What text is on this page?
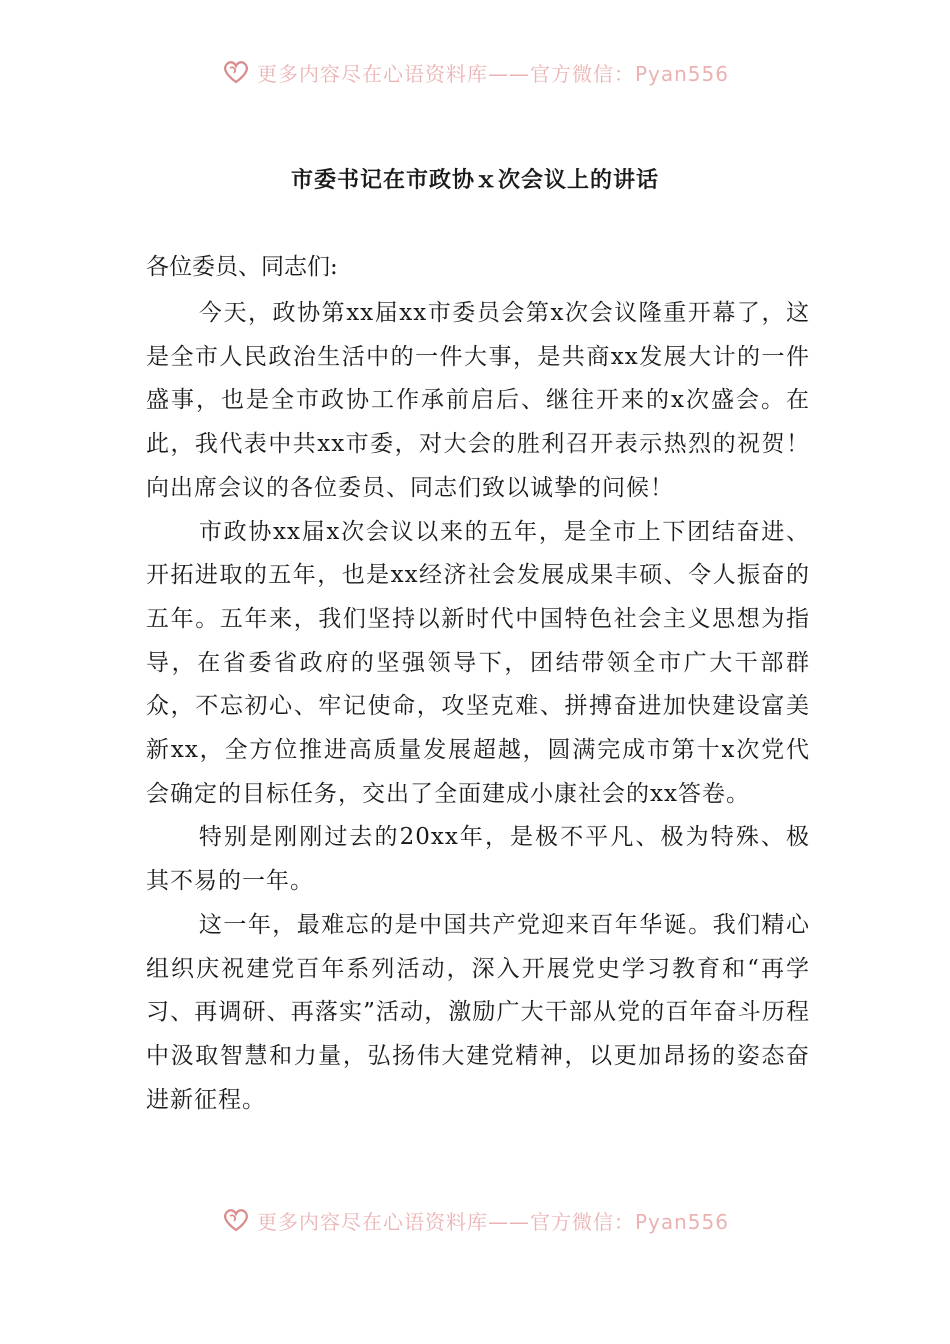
更多内容尽在心语资料库——官方微信：Pyan556
市委书记在市政协ｘ次会议上的讲话

各位委员、同志们:

今天，政协第xx届xx市委员会第x次会议隆重开幕了，这是全市人民政治生活中的一件大事，是共商xx发展大计的一件盛事，也是全市政协工作承前启后、继往开来的x次盛会。在此，我代表中共xx市委，对大会的胜利召开表示热烈的祝贺！向出席会议的各位委员、同志们致以诚挚的问候！

市政协xx届x次会议以来的五年，是全市上下团结奋进、开拓进取的五年，也是xx经济社会发展成果丰硕、令人振奋的五年。五年来，我们坚持以新时代中国特色社会主义思想为指导，在省委省政府的坚强领导下，团结带领全市广大干部群众，不忘初心、牢记使命，攻坚克难、拼搏奋进加快建设富美新xx，全方位推进高质量发展超越，圆满完成市第十x次党代会确定的目标任务，交出了全面建成小康社会的xx答卷。

特别是刚刚过去的20xx年，是极不平凡、极为特殊、极其不易的一年。

这一年，最难忘的是中国共产党迎来百年华诞。我们精心组织庆祝建党百年系列活动，深入开展党史学习教育和“再学习、再调研、再落实”活动，激励广大干部从党的百年奋斗历程中汲取智慧和力量，弘扬伟大建党精神，以更加昂扬的姿态奋进新征程。

更多内容尽在心语资料库——官方微信：Pyan556
